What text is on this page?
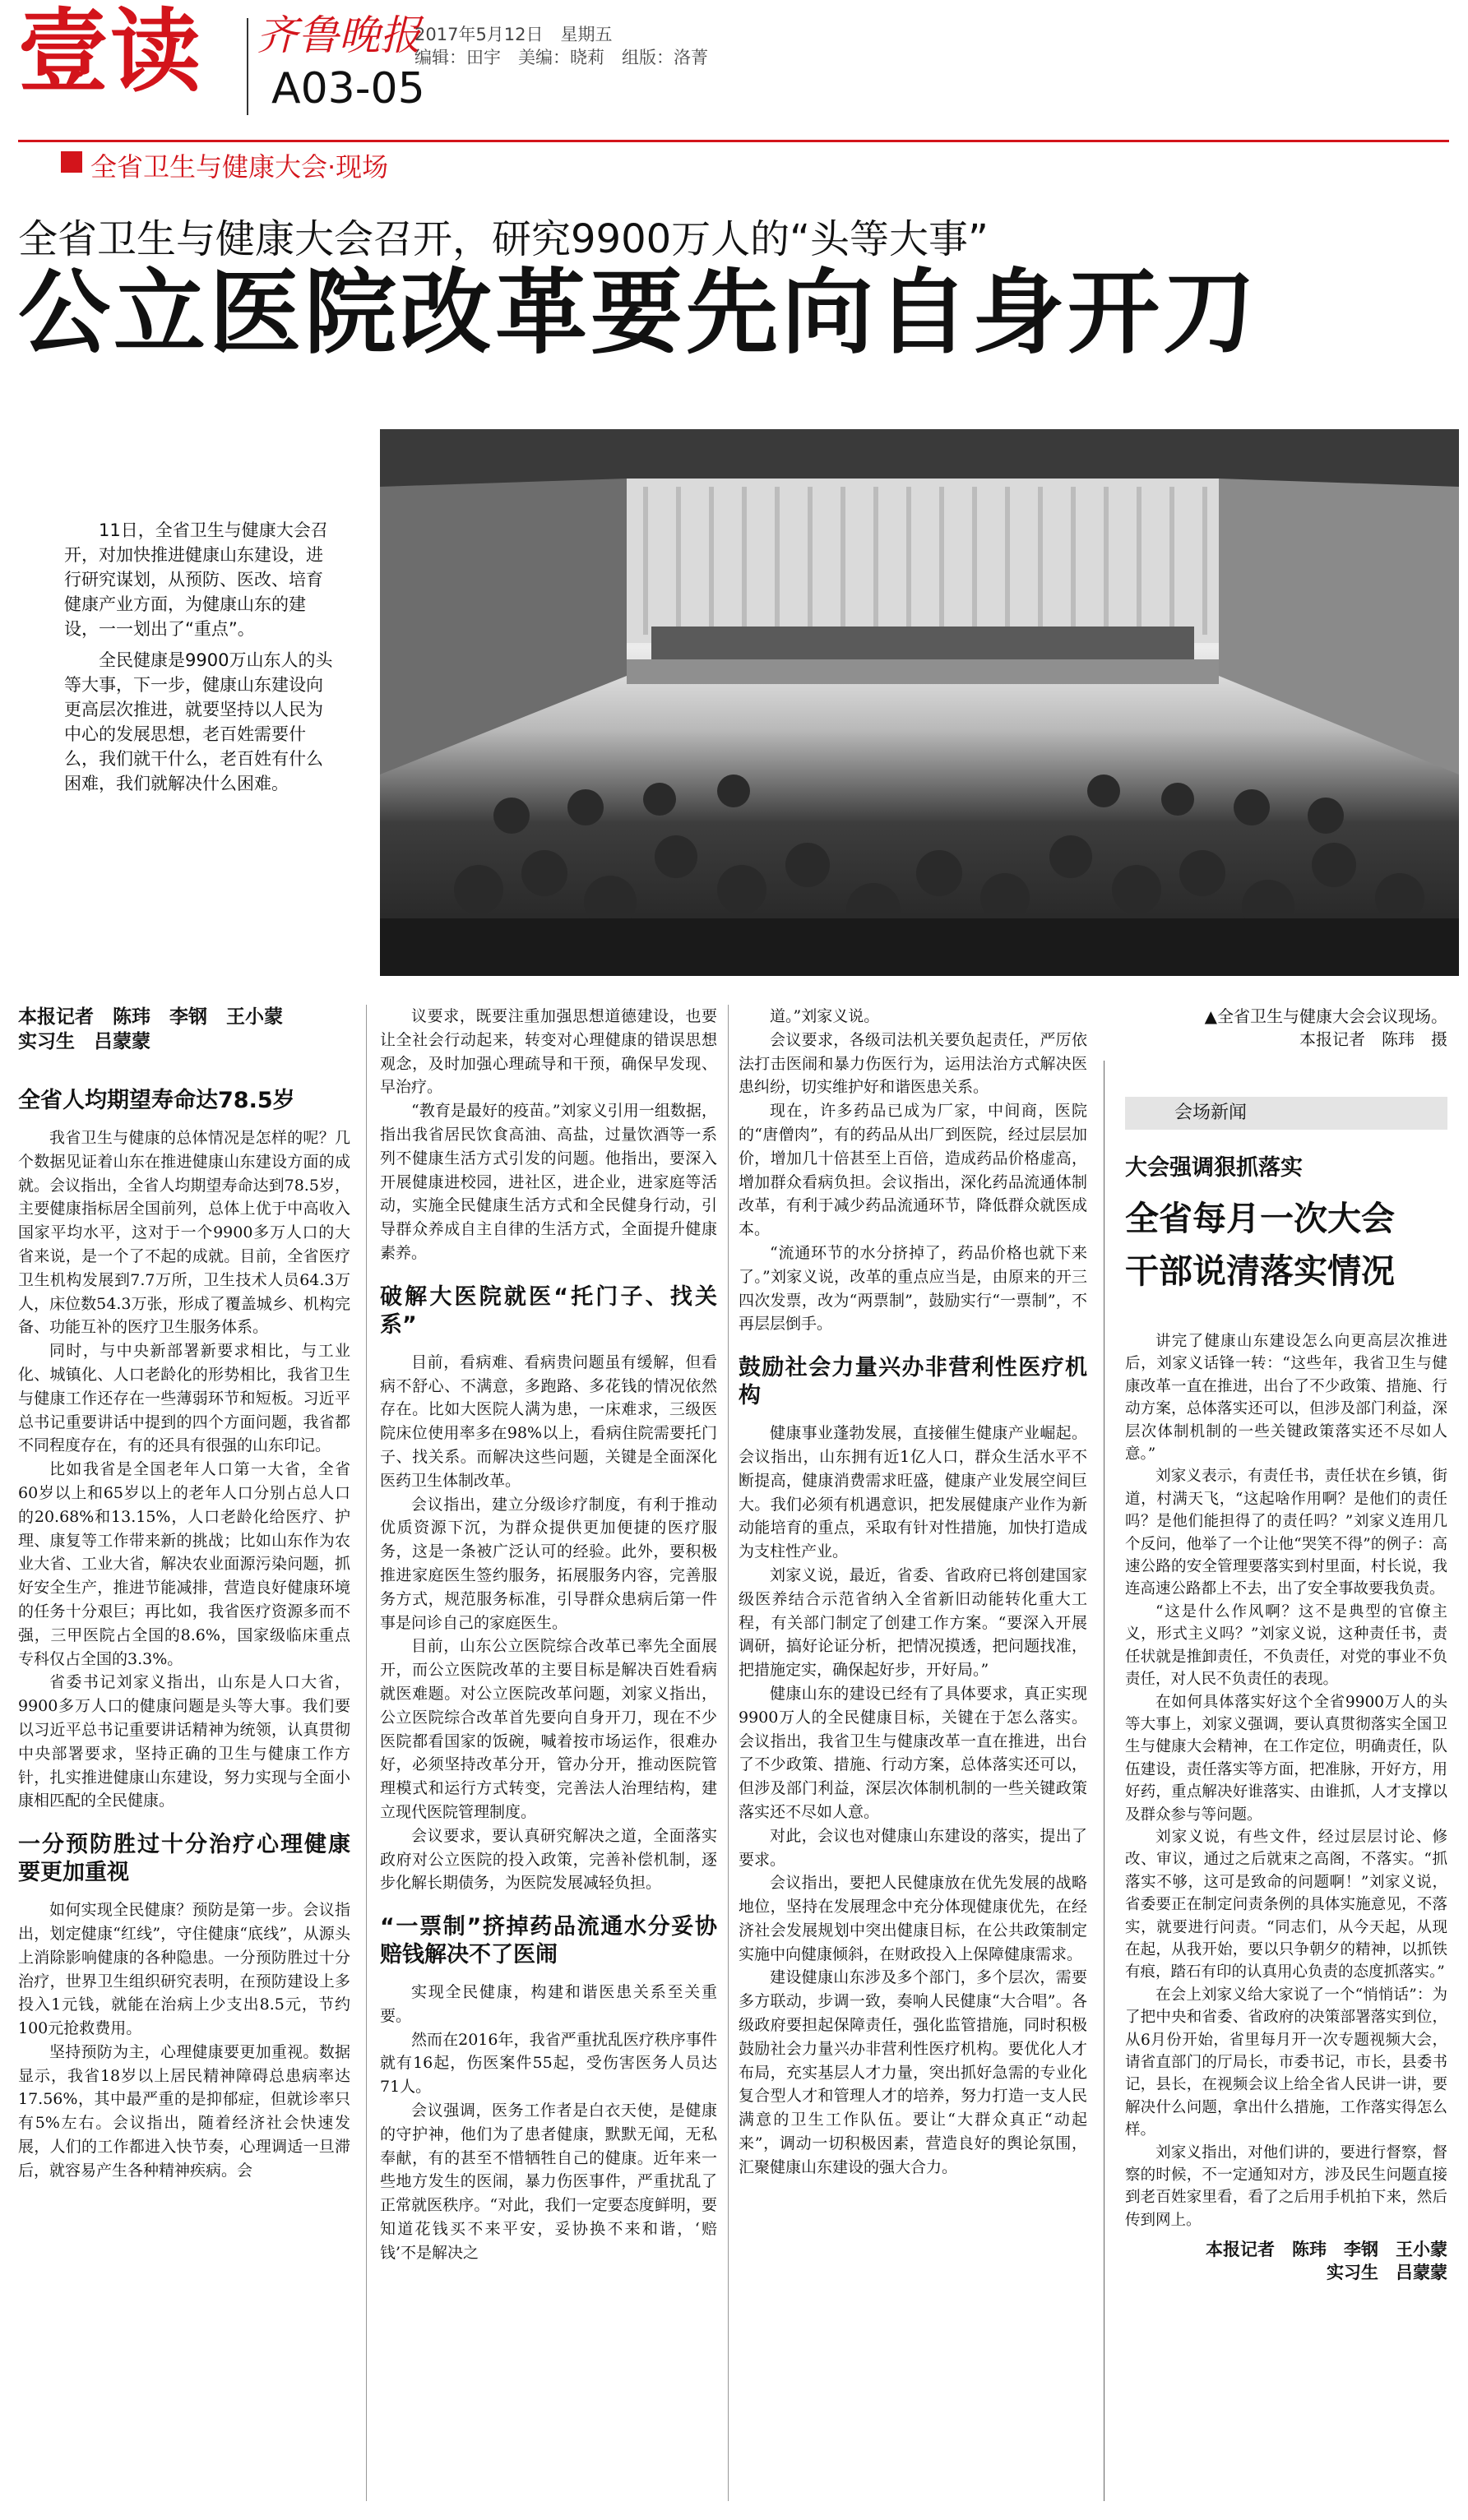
壹读 齐鲁晚报
A03-05
2017年5月12日　星期五
编辑：田宇　美编：晓莉　组版：洛菁
全省卫生与健康大会·现场
全省卫生与健康大会召开，研究9900万人的“头等大事”
公立医院改革要先向自身开刀

11日，全省卫生与健康大会召开，对加快推进健康山东建设，进行研究谋划，从预防、医改、培育健康产业方面，为健康山东的建设，一一划出了“重点”。

全民健康是9900万山东人的头等大事，下一步，健康山东建设向更高层次推进，就要坚持以人民为中心的发展思想，老百姓需要什么，我们就干什么，老百姓有什么困难，我们就解决什么困难。

▲全省卫生与健康大会会议现场。
本报记者　陈玮　摄
本报记者　陈玮　李钢　王小蒙
实习生　吕蒙蒙
全省人均期望寿命达78.5岁

我省卫生与健康的总体情况是怎样的呢？几个数据见证着山东在推进健康山东建设方面的成就。会议指出，全省人均期望寿命达到78.5岁，主要健康指标居全国前列，总体上优于中高收入国家平均水平，这对于一个9900多万人口的大省来说，是一个了不起的成就。目前，全省医疗卫生机构发展到7.7万所，卫生技术人员64.3万人，床位数54.3万张，形成了覆盖城乡、机构完备、功能互补的医疗卫生服务体系。

同时，与中央新部署新要求相比，与工业化、城镇化、人口老龄化的形势相比，我省卫生与健康工作还存在一些薄弱环节和短板。习近平总书记重要讲话中提到的四个方面问题，我省都不同程度存在，有的还具有很强的山东印记。

比如我省是全国老年人口第一大省，全省60岁以上和65岁以上的老年人口分别占总人口的20.68%和13.15%，人口老龄化给医疗、护理、康复等工作带来新的挑战；比如山东作为农业大省、工业大省，解决农业面源污染问题，抓好安全生产，推进节能减排，营造良好健康环境的任务十分艰巨；再比如，我省医疗资源多而不强，三甲医院占全国的8.6%，国家级临床重点专科仅占全国的3.3%。

省委书记刘家义指出，山东是人口大省，9900多万人口的健康问题是头等大事。我们要以习近平总书记重要讲话精神为统领，认真贯彻中央部署要求，坚持正确的卫生与健康工作方针，扎实推进健康山东建设，努力实现与全面小康相匹配的全民健康。

一分预防胜过十分治疗心理健康要更加重视

如何实现全民健康？预防是第一步。会议指出，划定健康“红线”，守住健康“底线”，从源头上消除影响健康的各种隐患。一分预防胜过十分治疗，世界卫生组织研究表明，在预防建设上多投入1元钱，就能在治病上少支出8.5元，节约100元抢救费用。

坚持预防为主，心理健康要更加重视。数据显示，我省18岁以上居民精神障碍总患病率达17.56%，其中最严重的是抑郁症，但就诊率只有5%左右。会议指出，随着经济社会快速发展，人们的工作都进入快节奏，心理调适一旦滞后，就容易产生各种精神疾病。会

议要求，既要注重加强思想道德建设，也要让全社会行动起来，转变对心理健康的错误思想观念，及时加强心理疏导和干预，确保早发现、早治疗。

“教育是最好的疫苗。”刘家义引用一组数据，指出我省居民饮食高油、高盐，过量饮酒等一系列不健康生活方式引发的问题。他指出，要深入开展健康进校园，进社区，进企业，进家庭等活动，实施全民健康生活方式和全民健身行动，引导群众养成自主自律的生活方式，全面提升健康素养。

破解大医院就医“托门子、找关系”

目前，看病难、看病贵问题虽有缓解，但看病不舒心、不满意，多跑路、多花钱的情况依然存在。比如大医院人满为患，一床难求，三级医院床位使用率多在98%以上，看病住院需要托门子、找关系。而解决这些问题，关键是全面深化医药卫生体制改革。

会议指出，建立分级诊疗制度，有利于推动优质资源下沉，为群众提供更加便捷的医疗服务，这是一条被广泛认可的经验。此外，要积极推进家庭医生签约服务，拓展服务内容，完善服务方式，规范服务标准，引导群众患病后第一件事是问诊自己的家庭医生。

目前，山东公立医院综合改革已率先全面展开，而公立医院改革的主要目标是解决百姓看病就医难题。对公立医院改革问题，刘家义指出，公立医院综合改革首先要向自身开刀，现在不少医院都看国家的饭碗，喊着按市场运作，很难办好，必须坚持改革分开，管办分开，推动医院管理模式和运行方式转变，完善法人治理结构，建立现代医院管理制度。

会议要求，要认真研究解决之道，全面落实政府对公立医院的投入政策，完善补偿机制，逐步化解长期债务，为医院发展减轻负担。

“一票制”挤掉药品流通水分妥协赔钱解决不了医闹

实现全民健康，构建和谐医患关系至关重要。

然而在2016年，我省严重扰乱医疗秩序事件就有16起，伤医案件55起，受伤害医务人员达71人。

会议强调，医务工作者是白衣天使，是健康的守护神，他们为了患者健康，默默无闻，无私奉献，有的甚至不惜牺牲自己的健康。近年来一些地方发生的医闹，暴力伤医事件，严重扰乱了正常就医秩序。“对此，我们一定要态度鲜明，要知道花钱买不来平安，妥协换不来和谐，‘赔钱’不是解决之

道。”刘家义说。

会议要求，各级司法机关要负起责任，严厉依法打击医闹和暴力伤医行为，运用法治方式解决医患纠纷，切实维护好和谐医患关系。

现在，许多药品已成为厂家，中间商，医院的“唐僧肉”，有的药品从出厂到医院，经过层层加价，增加几十倍甚至上百倍，造成药品价格虚高，增加群众看病负担。会议指出，深化药品流通体制改革，有利于减少药品流通环节，降低群众就医成本。

“流通环节的水分挤掉了，药品价格也就下来了。”刘家义说，改革的重点应当是，由原来的开三四次发票，改为“两票制”，鼓励实行“一票制”，不再层层倒手。

鼓励社会力量兴办非营利性医疗机构

健康事业蓬勃发展，直接催生健康产业崛起。会议指出，山东拥有近1亿人口，群众生活水平不断提高，健康消费需求旺盛，健康产业发展空间巨大。我们必须有机遇意识，把发展健康产业作为新动能培育的重点，采取有针对性措施，加快打造成为支柱性产业。

刘家义说，最近，省委、省政府已将创建国家级医养结合示范省纳入全省新旧动能转化重大工程，有关部门制定了创建工作方案。“要深入开展调研，搞好论证分析，把情况摸透，把问题找准，把措施定实，确保起好步，开好局。”

健康山东的建设已经有了具体要求，真正实现9900万人的全民健康目标，关键在于怎么落实。会议指出，我省卫生与健康改革一直在推进，出台了不少政策、措施、行动方案，总体落实还可以，但涉及部门利益，深层次体制机制的一些关键政策落实还不尽如人意。

对此，会议也对健康山东建设的落实，提出了要求。

会议指出，要把人民健康放在优先发展的战略地位，坚持在发展理念中充分体现健康优先，在经济社会发展规划中突出健康目标，在公共政策制定实施中向健康倾斜，在财政投入上保障健康需求。

建设健康山东涉及多个部门，多个层次，需要多方联动，步调一致，奏响人民健康“大合唱”。各级政府要担起保障责任，强化监管措施，同时积极鼓励社会力量兴办非营利性医疗机构。要优化人才布局，充实基层人才力量，突出抓好急需的专业化复合型人才和管理人才的培养，努力打造一支人民满意的卫生工作队伍。要让“大群众真正“动起来”，调动一切积极因素，营造良好的舆论氛围，汇聚健康山东建设的强大合力。

会场新闻
大会强调狠抓落实
全省每月一次大会
干部说清落实情况

讲完了健康山东建设怎么向更高层次推进后，刘家义话锋一转：“这些年，我省卫生与健康改革一直在推进，出台了不少政策、措施、行动方案，总体落实还可以，但涉及部门利益，深层次体制机制的一些关键政策落实还不尽如人意。”

刘家义表示，有责任书，责任状在乡镇，街道，村满天飞，“这起啥作用啊？是他们的责任吗？是他们能担得了的责任吗？”刘家义连用几个反问，他举了一个让他“哭笑不得”的例子：高速公路的安全管理要落实到村里面，村长说，我连高速公路都上不去，出了安全事故要我负责。

“这是什么作风啊？这不是典型的官僚主义，形式主义吗？”刘家义说，这种责任书，责任状就是推卸责任，不负责任，对党的事业不负责任，对人民不负责任的表现。

在如何具体落实好这个全省9900万人的头等大事上，刘家义强调，要认真贯彻落实全国卫生与健康大会精神，在工作定位，明确责任，队伍建设，责任落实等方面，把准脉，开好方，用好药，重点解决好谁落实、由谁抓，人才支撑以及群众参与等问题。

刘家义说，有些文件，经过层层讨论、修改、审议，通过之后就束之高阁，不落实。“抓落实不够，这可是致命的问题啊！”刘家义说，省委要正在制定问责条例的具体实施意见，不落实，就要进行问责。“同志们，从今天起，从现在起，从我开始，要以只争朝夕的精神，以抓铁有痕，踏石有印的认真用心负责的态度抓落实。”

在会上刘家义给大家说了一个“悄悄话”：为了把中央和省委、省政府的决策部署落实到位，从6月份开始，省里每月开一次专题视频大会，请省直部门的厅局长，市委书记，市长，县委书记，县长，在视频会议上给全省人民讲一讲，要解决什么问题，拿出什么措施，工作落实得怎么样。

刘家义指出，对他们讲的，要进行督察，督察的时候，不一定通知对方，涉及民生问题直接到老百姓家里看，看了之后用手机拍下来，然后传到网上。

本报记者　陈玮　李钢　王小蒙
实习生　吕蒙蒙
